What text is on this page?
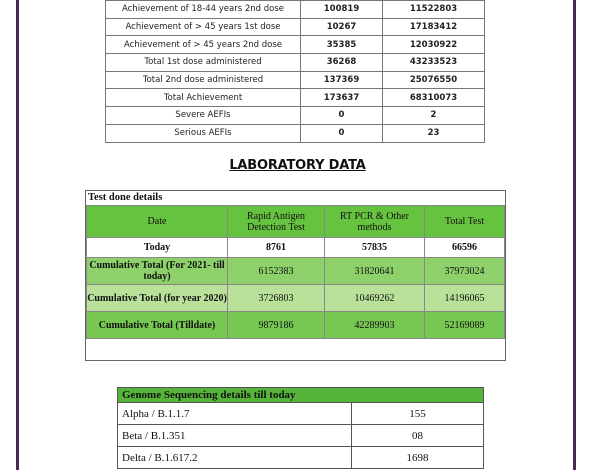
Achievement of 18-44 years 2nd dose	100819	11522803
Achievement of > 45 years 1st dose	10267	17183412
Achievement of > 45 years 2nd dose	35385	12030922
Total 1st dose administered	36268	43233523
Total 2nd dose administered	137369	25076550
Total Achievement	173637	68310073
Severe AEFIs	0	2
Serious AEFIs	0	23
LABORATORY DATA
Test done details
Date	Rapid Antigen Detection Test	RT PCR & Other methods	Total Test
Today	8761	57835	66596
Cumulative Total (For 2021- till today)	6152383	31820641	37973024
Cumulative Total (for year 2020)	3726803	10469262	14196065
Cumulative Total (Tilldate)	9879186	42289903	52169089
Genome Sequencing details till today	
Alpha / B.1.1.7	155
Beta / B.1.351	08
Delta / B.1.617.2	1698
